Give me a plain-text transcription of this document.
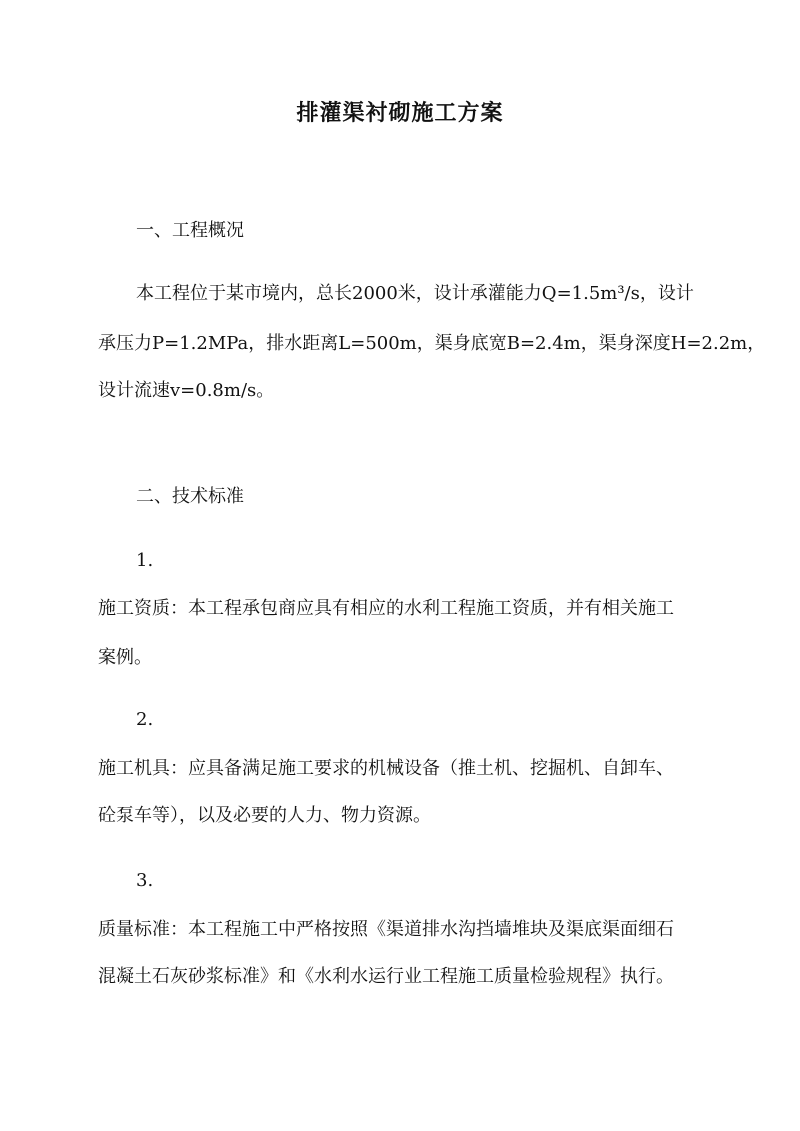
排灌渠衬砌施工方案
一、工程概况
本工程位于某市境内，总长2000米，设计承灌能力Q=1.5m³/s，设计
承压力P=1.2MPa，排水距离L=500m，渠身底宽B=2.4m，渠身深度H=2.2m，
设计流速v=0.8m/s。
二、技术标准
1.
施工资质：本工程承包商应具有相应的水利工程施工资质，并有相关施工
案例。
2.
施工机具：应具备满足施工要求的机械设备（推土机、挖掘机、自卸车、
砼泵车等），以及必要的人力、物力资源。
3.
质量标准：本工程施工中严格按照《渠道排水沟挡墙堆块及渠底渠面细石
混凝土石灰砂浆标准》和《水利水运行业工程施工质量检验规程》执行。
